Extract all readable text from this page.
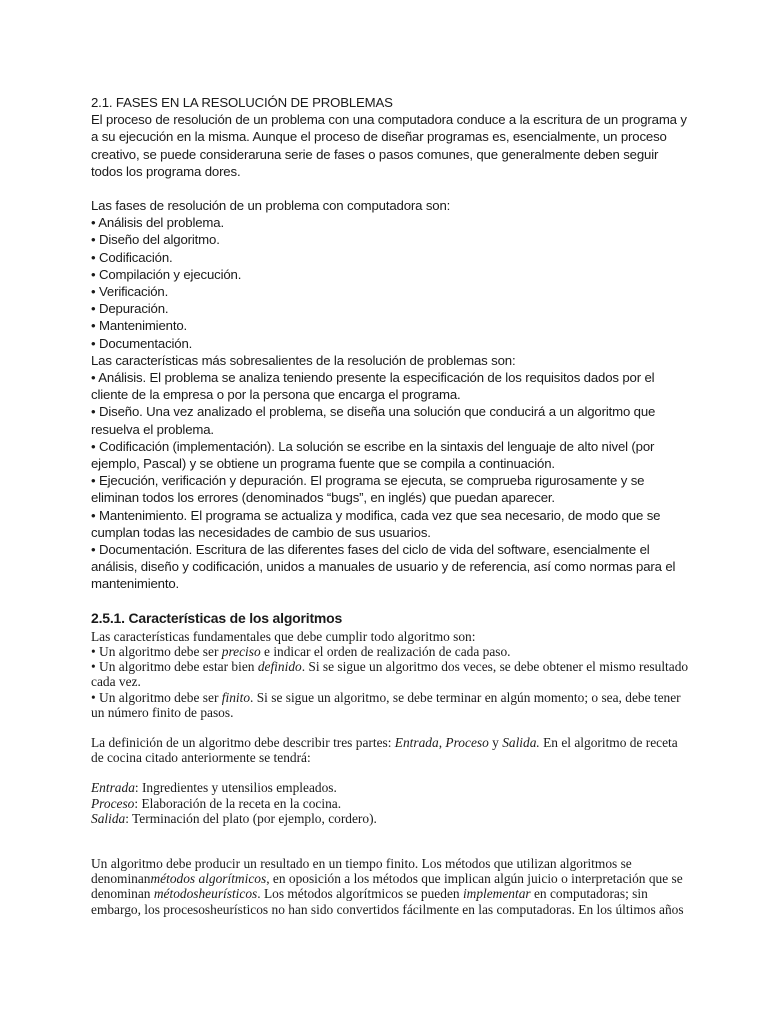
2.1. FASES EN LA RESOLUCIÓN DE PROBLEMAS

El proceso de resolución de un problema con una computadora conduce a la escritura de un programa y a su ejecución en la misma. Aunque el proceso de diseñar programas es, esencialmente, un proceso creativo, se puede consideraruna serie de fases o pasos comunes, que generalmente deben seguir todos los programa dores.

Las fases de resolución de un problema con computadora son:

• Análisis del problema.

• Diseño del algoritmo.

• Codificación.

• Compilación y ejecución.

• Verificación.

• Depuración.

• Mantenimiento.

• Documentación.

Las características más sobresalientes de la resolución de problemas son:

• Análisis. El problema se analiza teniendo presente la especificación de los requisitos dados por el cliente de la empresa o por la persona que encarga el programa.

• Diseño. Una vez analizado el problema, se diseña una solución que conducirá a un algoritmo que resuelva el problema.

• Codificación (implementación). La solución se escribe en la sintaxis del lenguaje de alto nivel (por ejemplo, Pascal) y se obtiene un programa fuente que se compila a continuación.

• Ejecución, verificación y depuración. El programa se ejecuta, se comprueba rigurosamente y se eliminan todos los errores (denominados “bugs”, en inglés) que puedan aparecer.

• Mantenimiento. El programa se actualiza y modifica, cada vez que sea necesario, de modo que se cumplan todas las necesidades de cambio de sus usuarios.

• Documentación. Escritura de las diferentes fases del ciclo de vida del software, esencialmente el análisis, diseño y codificación, unidos a manuales de usuario y de referencia, así como normas para el mantenimiento.

2.5.1. Características de los algoritmos

Las características fundamentales que debe cumplir todo algoritmo son:

• Un algoritmo debe ser preciso e indicar el orden de realización de cada paso.

• Un algoritmo debe estar bien definido. Si se sigue un algoritmo dos veces, se debe obtener el mismo resultado cada vez.

• Un algoritmo debe ser finito. Si se sigue un algoritmo, se debe terminar en algún momento; o sea, debe tener un número finito de pasos.

La definición de un algoritmo debe describir tres partes: Entrada, Proceso y Salida. En el algoritmo de receta de cocina citado anteriormente se tendrá:

Entrada: Ingredientes y utensilios empleados.

Proceso: Elaboración de la receta en la cocina.

Salida: Terminación del plato (por ejemplo, cordero).

Un algoritmo debe producir un resultado en un tiempo finito. Los métodos que utilizan algoritmos se denominanmétodos algorítmicos, en oposición a los métodos que implican algún juicio o interpretación que se denominan métodosheurísticos. Los métodos algorítmicos se pueden implementar en computadoras; sin embargo, los procesosheurísticos no han sido convertidos fácilmente en las computadoras. En los últimos años
